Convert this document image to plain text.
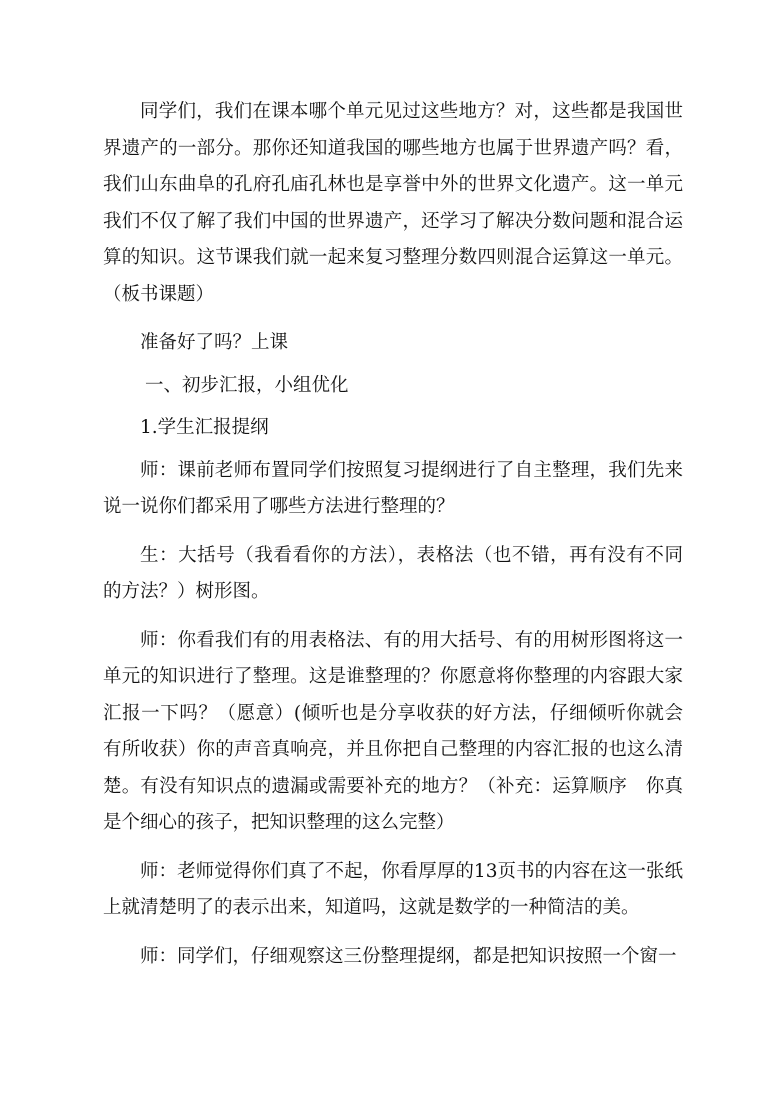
同学们，我们在课本哪个单元见过这些地方？对，这些都是我国世界遗产的一部分。那你还知道我国的哪些地方也属于世界遗产吗？看，我们山东曲阜的孔府孔庙孔林也是享誉中外的世界文化遗产。这一单元我们不仅了解了我们中国的世界遗产，还学习了解决分数问题和混合运算的知识。这节课我们就一起来复习整理分数四则混合运算这一单元。（板书课题）

准备好了吗？上课

一、初步汇报，小组优化

1.学生汇报提纲

师：课前老师布置同学们按照复习提纲进行了自主整理，我们先来说一说你们都采用了哪些方法进行整理的？

生：大括号（我看看你的方法），表格法（也不错，再有没有不同的方法？）树形图。

师：你看我们有的用表格法、有的用大括号、有的用树形图将这一单元的知识进行了整理。这是谁整理的？你愿意将你整理的内容跟大家汇报一下吗？（愿意）(倾听也是分享收获的好方法，仔细倾听你就会有所收获）你的声音真响亮，并且你把自己整理的内容汇报的也这么清楚。有没有知识点的遗漏或需要补充的地方？（补充：运算顺序　你真是个细心的孩子，把知识整理的这么完整）

师：老师觉得你们真了不起，你看厚厚的13页书的内容在这一张纸上就清楚明了的表示出来，知道吗，这就是数学的一种简洁的美。

师：同学们，仔细观察这三份整理提纲，都是把知识按照一个窗一
